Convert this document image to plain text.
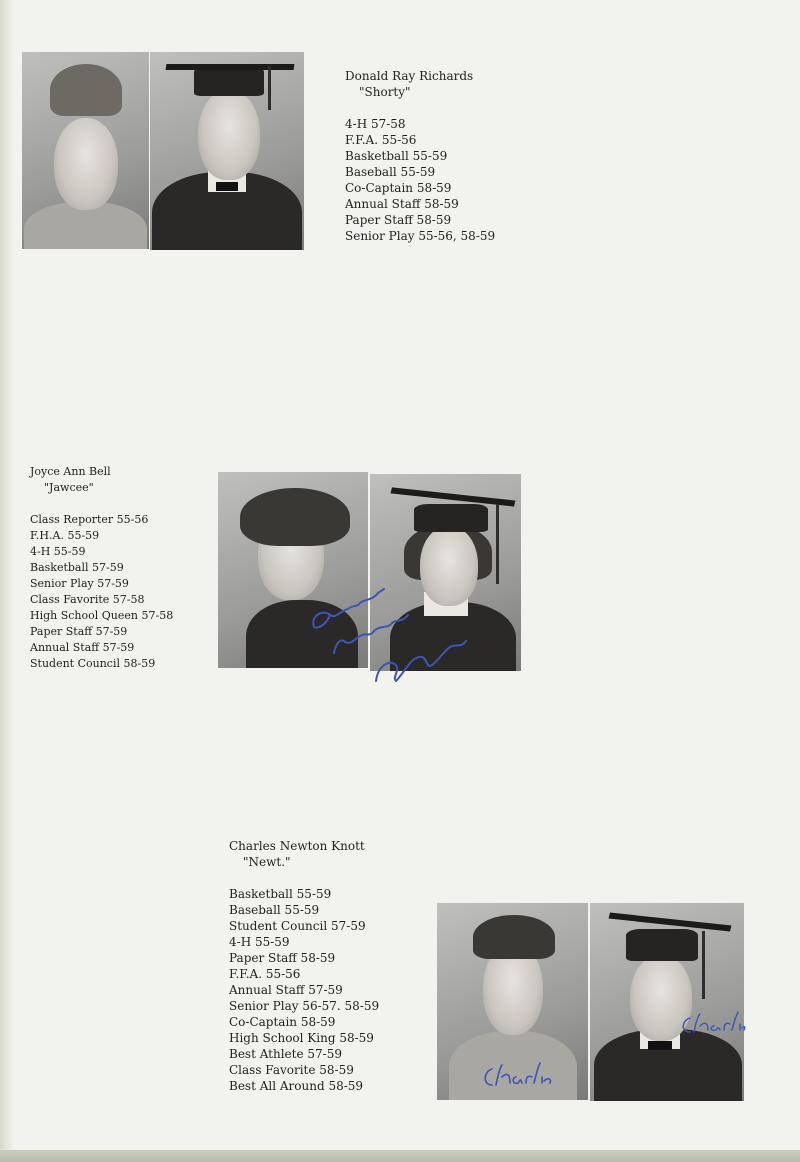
Donald Ray Richards
"Shorty"
4-H 57-58
F.F.A. 55-56
Basketball 55-59
Baseball 55-59
Co-Captain 58-59
Annual Staff 58-59
Paper Staff 58-59
Senior Play 55-56, 58-59
Joyce Ann Bell
"Jawcee"
Class Reporter 55-56
F.H.A. 55-59
4-H 55-59
Basketball 57-59
Senior Play 57-59
Class Favorite 57-58
High School Queen 57-58
Paper Staff 57-59
Annual Staff 57-59
Student Council 58-59
Charles Newton Knott
"Newt."
Basketball 55-59
Baseball 55-59
Student Council 57-59
4-H 55-59
Paper Staff 58-59
F.F.A. 55-56
Annual Staff 57-59
Senior Play 56-57. 58-59
Co-Captain 58-59
High School King 58-59
Best Athlete 57-59
Class Favorite 58-59
Best All Around 58-59
